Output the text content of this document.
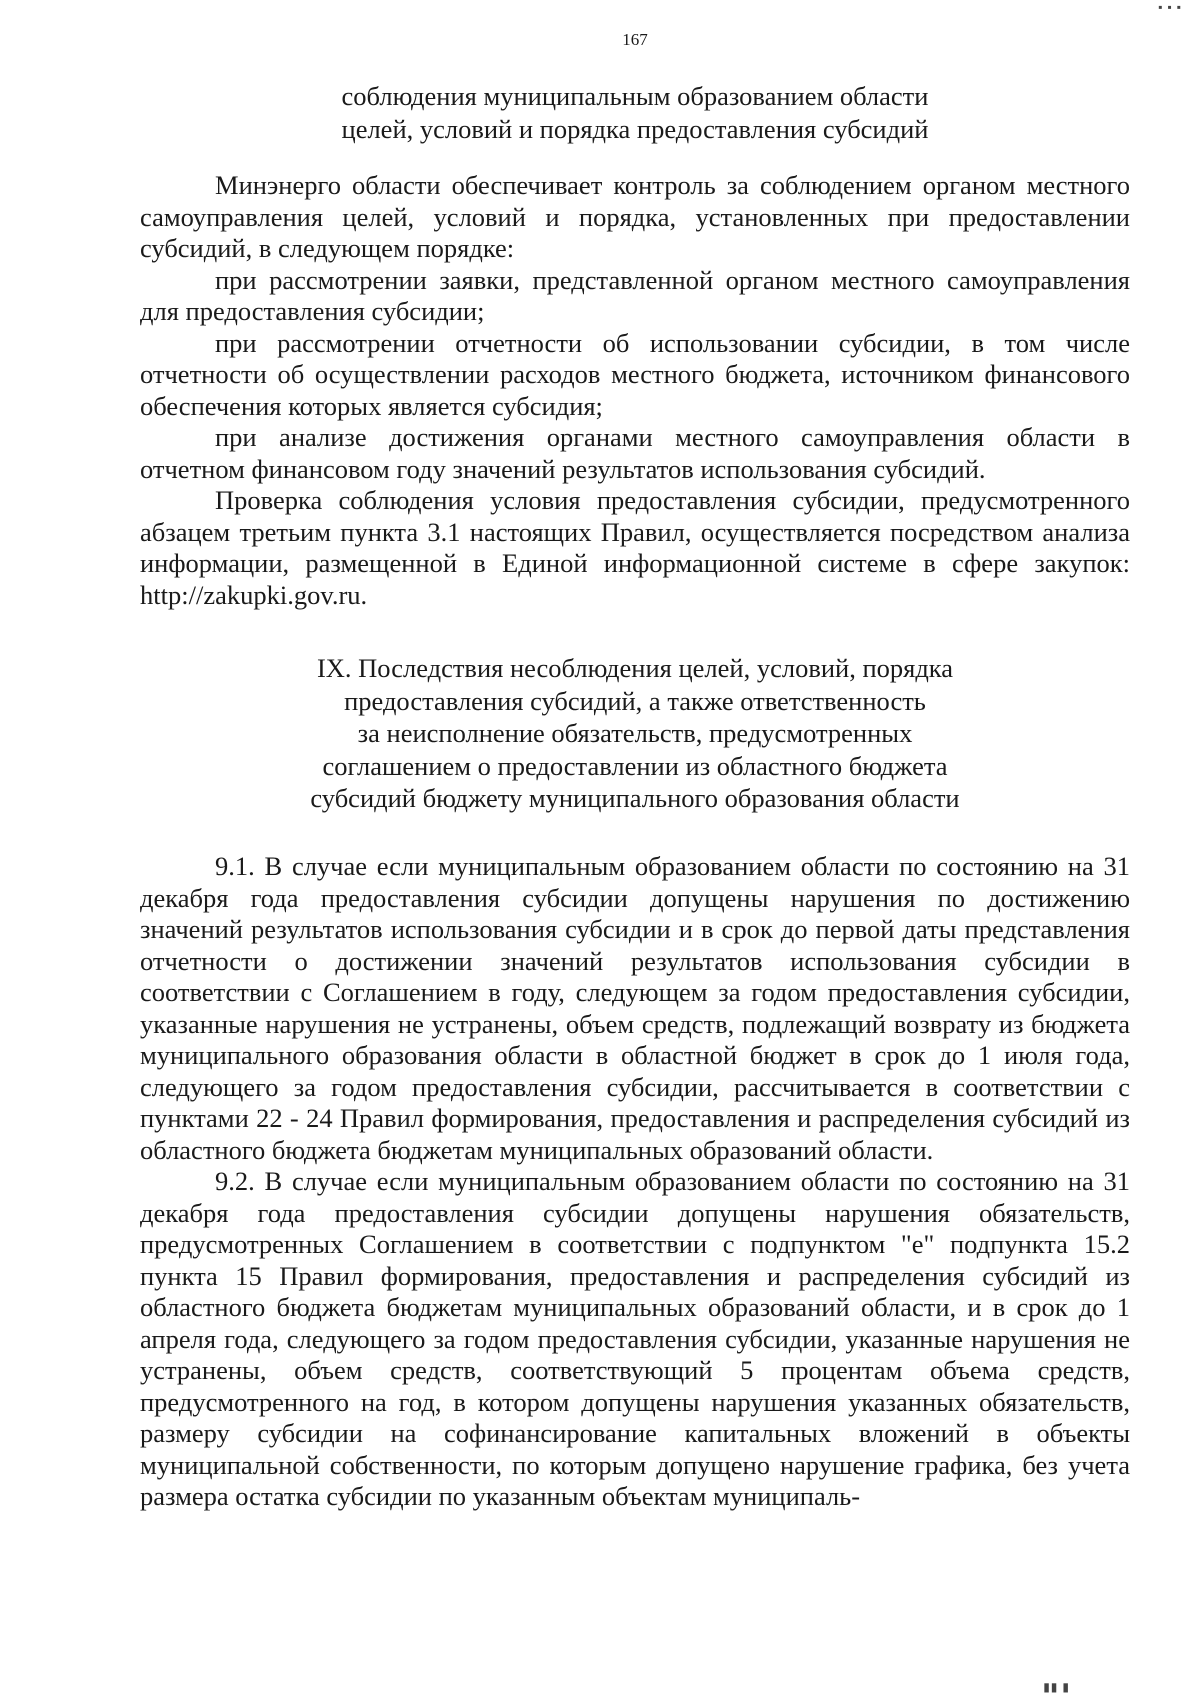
167
соблюдения муниципальным образованием области
целей, условий и порядка предоставления субсидий

Минэнерго области обеспечивает контроль за соблюдением органом местного самоуправления целей, условий и порядка, установленных при предоставлении субсидий, в следующем порядке:

при рассмотрении заявки, представленной органом местного самоуправления для предоставления субсидии;

при рассмотрении отчетности об использовании субсидии, в том числе отчетности об осуществлении расходов местного бюджета, источником финансового обеспечения которых является субсидия;

при анализе достижения органами местного самоуправления области в отчетном финансовом году значений результатов использования субсидий.

Проверка соблюдения условия предоставления субсидии, предусмотренного абзацем третьим пункта 3.1 настоящих Правил, осуществляется посредством анализа информации, размещенной в Единой информационной системе в сфере закупок: http://zakupki.gov.ru.

IX. Последствия несоблюдения целей, условий, порядка
предоставления субсидий, а также ответственность
за неисполнение обязательств, предусмотренных
соглашением о предоставлении из областного бюджета
субсидий бюджету муниципального образования области

9.1. В случае если муниципальным образованием области по состоянию на 31 декабря года предоставления субсидии допущены нарушения по достижению значений результатов использования субсидии и в срок до первой даты представления отчетности о достижении значений результатов использования субсидии в соответствии с Соглашением в году, следующем за годом предоставления субсидии, указанные нарушения не устранены, объем средств, подлежащий возврату из бюджета муниципального образования области в областной бюджет в срок до 1 июля года, следующего за годом предоставления субсидии, рассчитывается в соответствии с пунктами 22 - 24 Правил формирования, предоставления и распределения субсидий из областного бюджета бюджетам муниципальных образований области.

9.2. В случае если муниципальным образованием области по состоянию на 31 декабря года предоставления субсидии допущены нарушения обязательств, предусмотренных Соглашением в соответствии с подпунктом "е" подпункта 15.2 пункта 15 Правил формирования, предоставления и распределения субсидий из областного бюджета бюджетам муниципальных образований области, и в срок до 1 апреля года, следующего за годом предоставления субсидии, указанные нарушения не устранены, объем средств, соответствующий 5 процентам объема средств, предусмотренного на год, в котором допущены нарушения указанных обязательств, размеру субсидии на софинансирование капитальных вложений в объекты муниципальной собственности, по которым допущено нарушение графика, без учета размера остатка субсидии по указанным объектам муниципаль-

▪ ▪ ▪
▮▮ ▮
